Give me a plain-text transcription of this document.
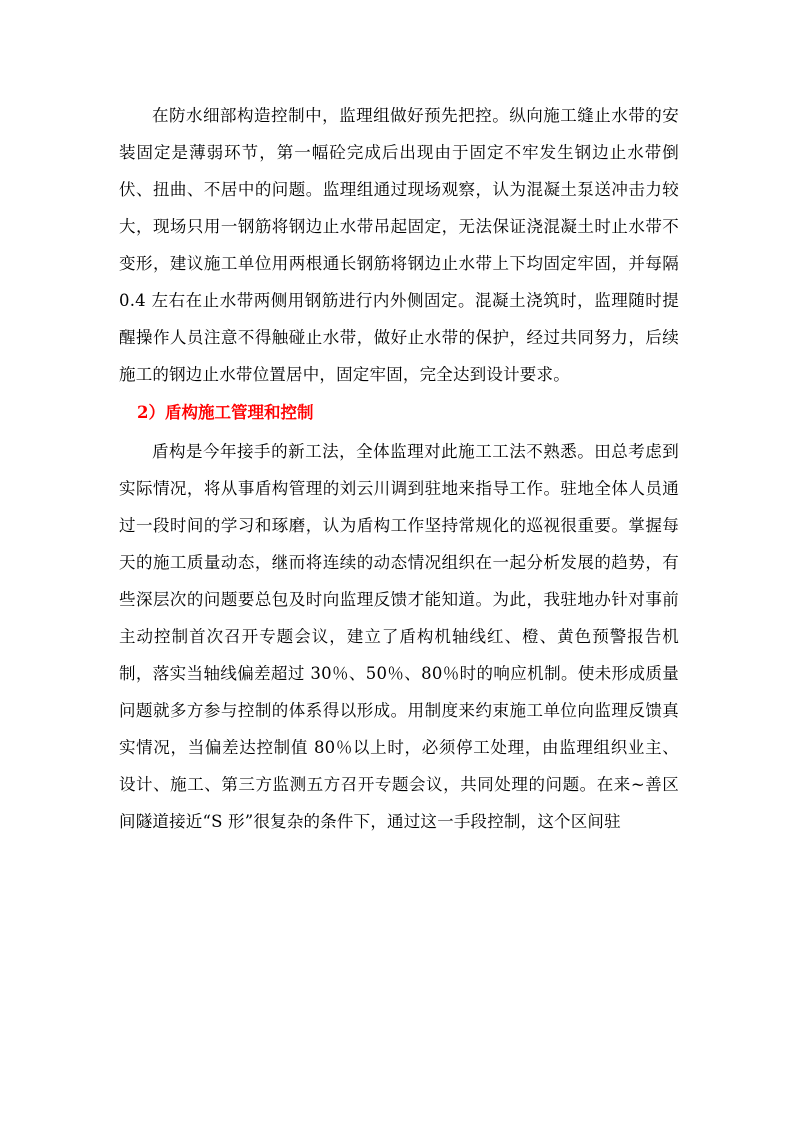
在防水细部构造控制中，监理组做好预先把控。纵向施工缝止水带的安装固定是薄弱环节，第一幅砼完成后出现由于固定不牢发生钢边止水带倒伏、扭曲、不居中的问题。监理组通过现场观察，认为混凝土泵送冲击力较大，现场只用一钢筋将钢边止水带吊起固定，无法保证浇混凝土时止水带不变形，建议施工单位用两根通长钢筋将钢边止水带上下均固定牢固，并每隔 0.4 左右在止水带两侧用钢筋进行内外侧固定。混凝土浇筑时，监理随时提醒操作人员注意不得触碰止水带，做好止水带的保护，经过共同努力，后续施工的钢边止水带位置居中，固定牢固，完全达到设计要求。

2）盾构施工管理和控制

盾构是今年接手的新工法，全体监理对此施工工法不熟悉。田总考虑到实际情况，将从事盾构管理的刘云川调到驻地来指导工作。驻地全体人员通过一段时间的学习和琢磨，认为盾构工作坚持常规化的巡视很重要。掌握每天的施工质量动态，继而将连续的动态情况组织在一起分析发展的趋势，有些深层次的问题要总包及时向监理反馈才能知道。为此，我驻地办针对事前主动控制首次召开专题会议，建立了盾构机轴线红、橙、黄色预警报告机制，落实当轴线偏差超过 30％、50％、80％时的响应机制。使未形成质量问题就多方参与控制的体系得以形成。用制度来约束施工单位向监理反馈真实情况，当偏差达控制值 80％以上时，必须停工处理，由监理组织业主、设计、施工、第三方监测五方召开专题会议，共同处理的问题。在来~善区间隧道接近“S 形”很复杂的条件下，通过这一手段控制，这个区间驻
